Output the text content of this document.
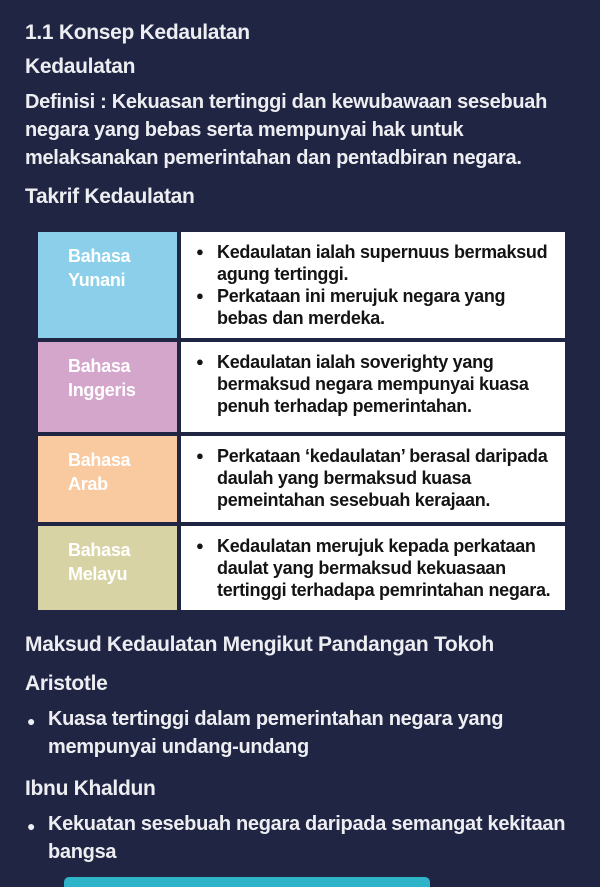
1.1 Konsep Kedaulatan
Kedaulatan
Definisi : Kekuasan tertinggi dan kewubawaan sesebuah negara yang bebas serta mempunyai hak untuk melaksanakan pemerintahan dan pentadbiran negara.
Takrif Kedaulatan
Bahasa Yunani
● Kedaulatan ialah supernuus bermaksud agung tertinggi.
● Perkataan ini merujuk negara yang bebas dan merdeka.
Bahasa Inggeris
● Kedaulatan ialah soverighty yang bermaksud negara mempunyai kuasa penuh terhadap pemerintahan.
Bahasa Arab
● Perkataan ‘kedaulatan’ berasal daripada daulah yang bermaksud kuasa pemeintahan sesebuah kerajaan.
Bahasa Melayu
● Kedaulatan merujuk kepada perkataan daulat yang bermaksud kekuasaan tertinggi terhadapa pemrintahan negara.
Maksud Kedaulatan Mengikut Pandangan Tokoh
Aristotle
● Kuasa tertinggi dalam pemerintahan negara yang mempunyai undang-undang
Ibnu Khaldun
● Kekuatan sesebuah negara daripada semangat kekitaan bangsa
